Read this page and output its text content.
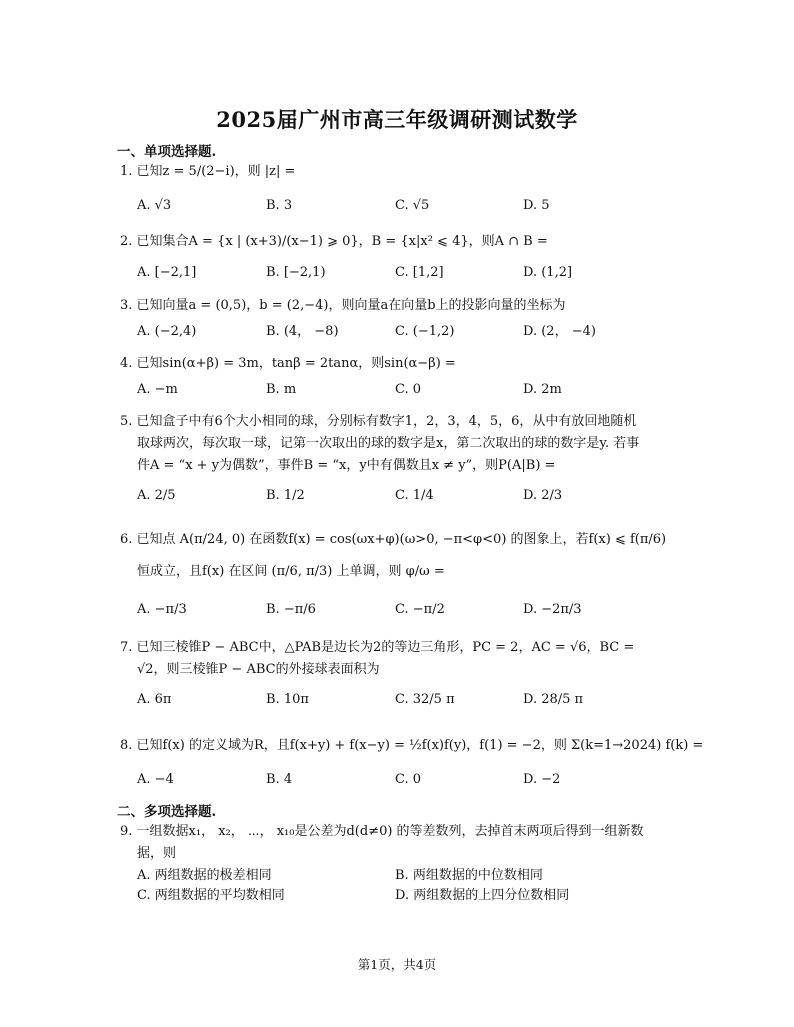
2025届广州市高三年级调研测试数学
一、单项选择题.
1. 已知z = 5/(2−i)，则 |z| =
A. √3	B. 3	C. √5	D. 5
2. 已知集合A = {x | (x+3)/(x−1) ⩾ 0}，B = {x|x² ⩽ 4}，则A ∩ B =
A. [−2,1]	B. [−2,1)	C. [1,2]	D. (1,2]
3. 已知向量a = (0,5)，b = (2,−4)，则向量a在向量b上的投影向量的坐标为
A. (−2,4)	B. (4， −8)	C. (−1,2)	D. (2， −4)
4. 已知sin(α+β) = 3m，tanβ = 2tanα，则sin(α−β) =
A. −m	B. m	C. 0	D. 2m
5. 已知盒子中有6个大小相同的球，分别标有数字1，2，3，4，5，6，从中有放回地随机
取球两次，每次取一球，记第一次取出的球的数字是x，第二次取出的球的数字是y. 若事
件A = “x + y为偶数”，事件B = “x，y中有偶数且x ≠ y”，则P(A|B) =
A. 2/5	B. 1/2	C. 1/4	D. 2/3
6. 已知点 A(π/24, 0) 在函数f(x) = cos(ωx+φ)(ω>0, −π<φ<0) 的图象上，若f(x) ⩽ f(π/6)
恒成立，且f(x) 在区间 (π/6, π/3) 上单调，则 φ/ω =
A. −π/3	B. −π/6	C. −π/2	D. −2π/3
7. 已知三棱锥P − ABC中，△PAB是边长为2的等边三角形，PC = 2，AC = √6，BC =
√2，则三棱锥P − ABC的外接球表面积为
A. 6π	B. 10π	C. 32/5 π	D. 28/5 π
8. 已知f(x) 的定义域为R，且f(x+y) + f(x−y) = ½f(x)f(y)，f(1) = −2，则 Σ(k=1→2024) f(k) =
A. −4	B. 4	C. 0	D. −2
二、多项选择题.
9. 一组数据x₁， x₂， ⋯， x₁₀是公差为d(d≠0) 的等差数列，去掉首末两项后得到一组新数
据，则
A. 两组数据的极差相同	B. 两组数据的中位数相同
C. 两组数据的平均数相同	D. 两组数据的上四分位数相同
第1页，共4页
